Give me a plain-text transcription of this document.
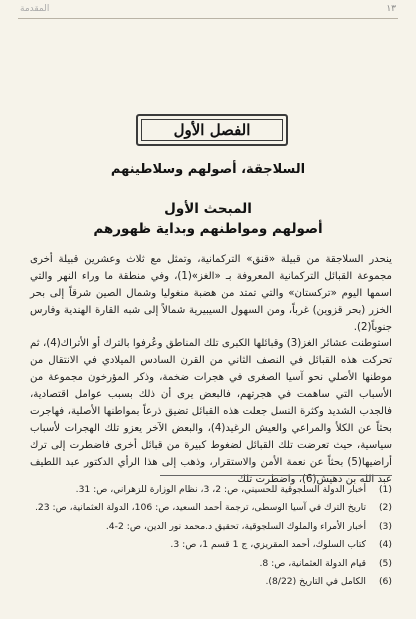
١٣
المقدمة
الفصل الأول
السلاجقة، أصولهم وسلاطينهم
المبحث الأول
أصولهم ومواطنهم وبداية ظهورهم

ينحدر السلاجقة من قبيلة «قنق» التركمانية، وتمثل مع ثلاث وعشرين قبيلة أخرى مجموعة القبائل التركمانية المعروفة بـ «الغز»(1)، وفي منطقة ما وراء النهر والتي اسمها اليوم «تركستان» والتي تمتد من هضبة منغوليا وشمال الصين شرقاً إلى بحر الخزر (بحر قزوين) غرباً، ومن السهول السيبيرية شمالاً إلى شبه القارة الهندية وفارس جنوباً(2).

استوطنت عشائر الغز(3) وقبائلها الكبرى تلك المناطق وعُرفوا بالترك أو الأتراك(4)، ثم تحركت هذه القبائل في النصف الثاني من القرن السادس الميلادي في الانتقال من موطنها الأصلي نحو آسيا الصغرى في هجرات ضخمة، وذكر المؤرخون مجموعة من الأسباب التي ساهمت في هجرتهم، فالبعض يرى أن ذلك بسبب عوامل اقتصادية، فالجدب الشديد وكثرة النسل جعلت هذه القبائل تضيق ذرعاً بمواطنها الأصلية، فهاجرت بحثاً عن الكلأ والمراعي والعيش الرغيد(4)، والبعض الآخر يعزو تلك الهجرات لأسباب سياسية، حيث تعرضت تلك القبائل لضغوط كبيرة من قبائل أخرى فاضطرت إلى ترك أراضيها(5) بحثاً عن نعمة الأمن والاستقرار، وذهب إلى هذا الرأي الدكتور عبد اللطيف عبد الله بن دهيش(6)، واضطرت تلك

(1)
أخبار الدولة السلجوقية للحسيني، ص: 2، 3، نظام الوزارة للزهراني، ص: 31.
(2)
تاريخ الترك في آسيا الوسطى، ترجمة أحمد السعيد، ص: 106، الدولة العثمانية، ص: 23.
(3)
أخبار الأمراء والملوك السلجوقية، تحقيق د.محمد نور الدين، ص: 2-4.
(4)
كتاب السلوك، أحمد المقريزي، ج 1 قسم 1، ص: 3.
(5)
قيام الدولة العثمانية، ص: 8.
(6)
الكامل في التاريخ (8/22).
